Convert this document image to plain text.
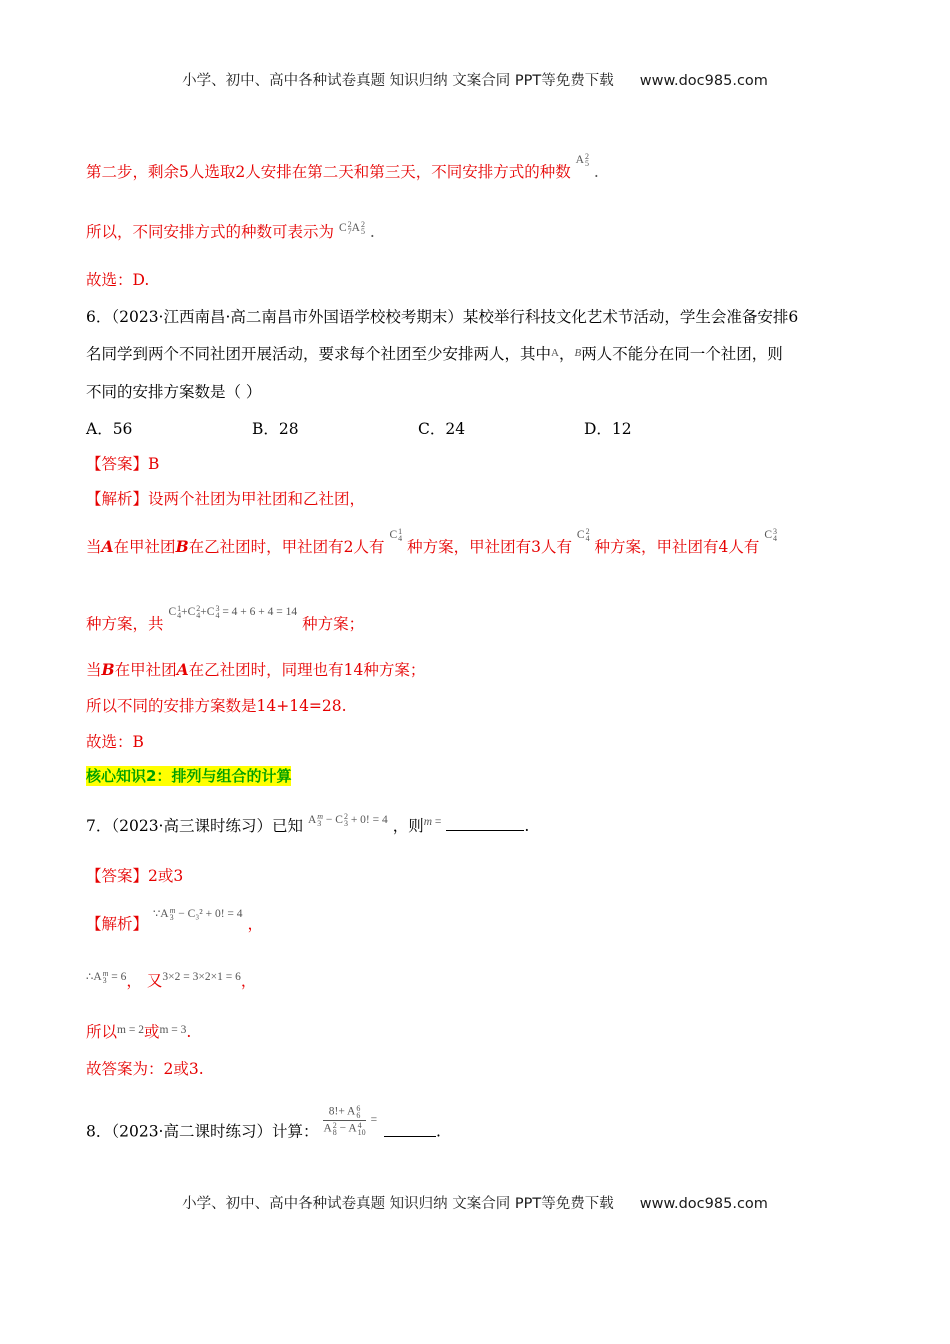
小学、初中、高中各种试卷真题 知识归纳 文案合同 PPT等免费下载 www.doc985.com
第二步，剩余5人选取2人安排在第二天和第三天，不同安排方式的种数 $^{A 2 5}$ .
所以，不同安排方式的种数可表示为 $^{C 2 7 A 2 5}$ .
故选：D.
6．（2023·江西南昌·高二南昌市外国语学校校考期末）某校举行科技文化艺术节活动，学生会准备安排6
名同学到两个不同社团开展活动，要求每个社团至少安排两人，其中A，B两人不能分在同一个社团，则
不同的安排方案数是（ ）
A．56	B．28	C．24	D．12
【答案】B
【解析】设两个社团为甲社团和乙社团，
当A在甲社团B在乙社团时，甲社团有2人有 $^{C 1 4}$ 种方案，甲社团有3人有 $^{C 2 4}$ 种方案，甲社团有4人有 $^{C 3 4}$
种方案，共 $^{C 1 4 +C 2 4 +C 3 4 = 4 + 6 + 4 = 14}$ 种方案；
当B在甲社团A在乙社团时，同理也有14种方案；
所以不同的安排方案数是14+14=28.
故选：B
核心知识2：排列与组合的计算
7．（2023·高三课时练习）已知 $^{A m 3 - C 2 3 + 0! = 4}$ ，则$^{m =}$	.
【答案】2或3
【解析】 $^{\because A m 3 - C_3^2 + 0! = 4}$ ，
$^{\therefore A m 3 = 6}$， 又$^{3\times 2 = 3\times 2\times 1 = 6}$，
所以$^{m = 2}$或$^{m = 3}$.
故答案为：2或3.
8．（2023·高二课时练习）计算： 8!+ A 6
6
A 2
8 − A 4
10 = .
小学、初中、高中各种试卷真题 知识归纳 文案合同 PPT等免费下载 www.doc985.com
